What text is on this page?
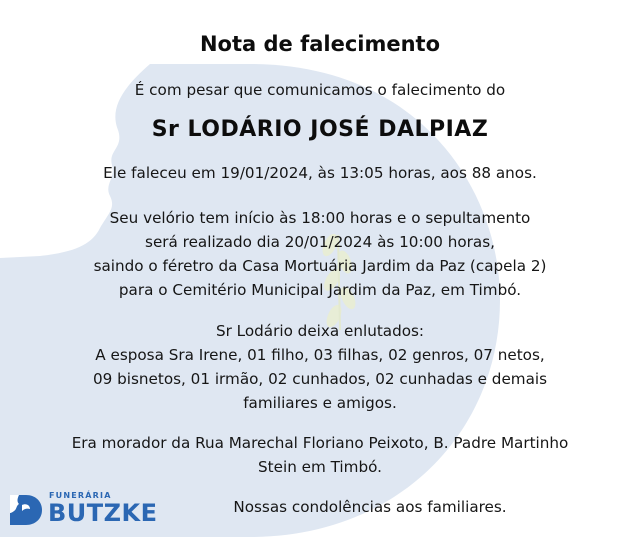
Nota de falecimento
É com pesar que comunicamos o falecimento do
Sr LODÁRIO JOSÉ DALPIAZ
Ele faleceu em 19/01/2024, às 13:05 horas, aos 88 anos.
Seu velório tem início às 18:00 horas e o sepultamento
será realizado dia 20/01/2024 às 10:00 horas,
saindo o féretro da Casa Mortuária Jardim da Paz (capela 2)
para o Cemitério Municipal Jardim da Paz, em Timbó.
Sr Lodário deixa enlutados:
A esposa Sra Irene, 01 filho, 03 filhas, 02 genros, 07 netos,
09 bisnetos, 01 irmão, 02 cunhados, 02 cunhadas e demais
familiares e amigos.
Era morador da Rua Marechal Floriano Peixoto, B. Padre Martinho
Stein em Timbó.
Nossas condolências aos familiares.
FUNERÁRIA
BUTZKE
